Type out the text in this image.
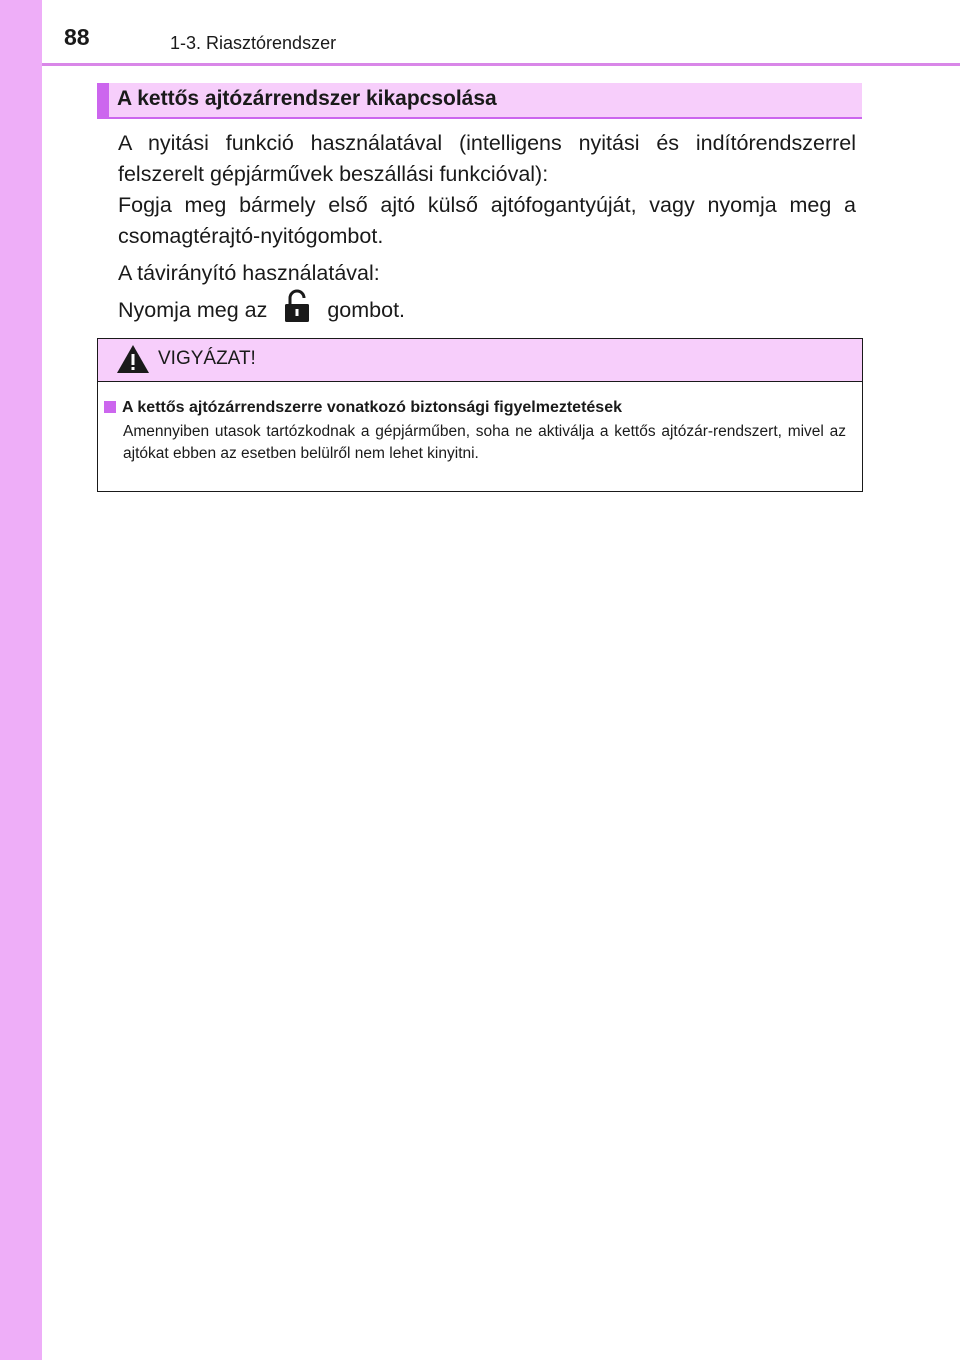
88	1-3. Riasztórendszer
A kettős ajtózárrendszer kikapcsolása

A nyitási funkció használatával (intelligens nyitási és indítórendszerrel felszerelt gépjárművek beszállási funkcióval):

Fogja meg bármely első ajtó külső ajtófogantyúját, vagy nyomja meg a csomagtérajtó-nyitógombot.

A távirányító használatával:

Nyomja meg az	gombot.

VIGYÁZAT!
A kettős ajtózárrendszerre vonatkozó biztonsági figyelmeztetések

Amennyiben utasok tartózkodnak a gépjárműben, soha ne aktiválja a kettős ajtózár-rendszert, mivel az ajtókat ebben az esetben belülről nem lehet kinyitni.
